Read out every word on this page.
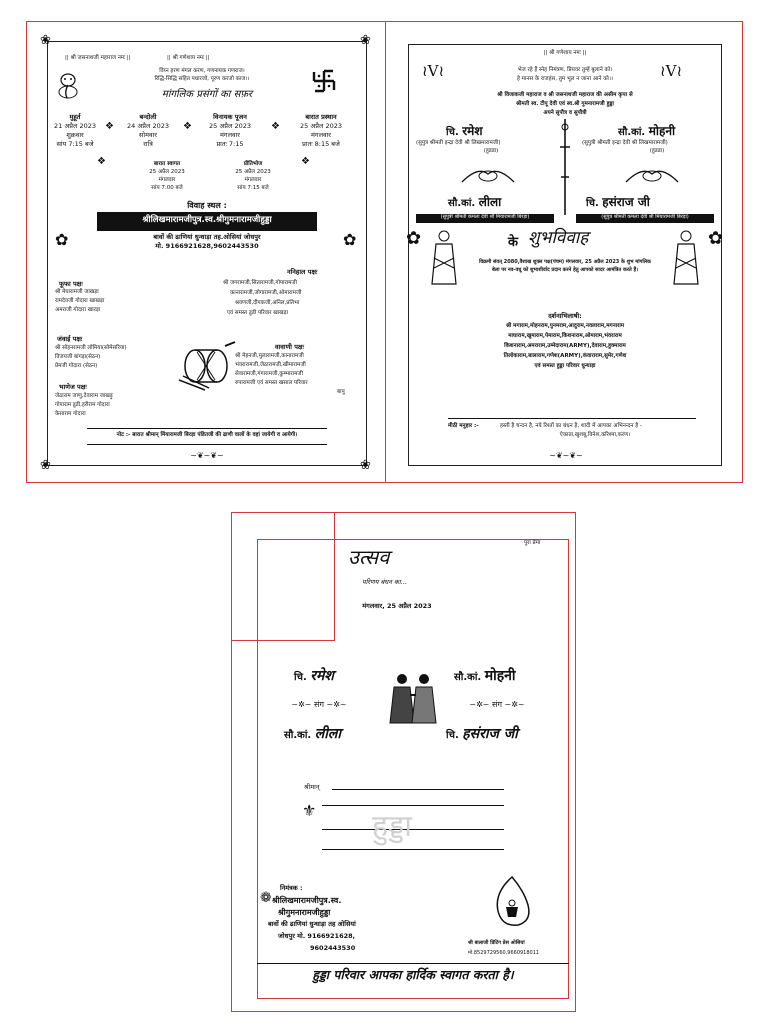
❀	❀
❀	❀
|| श्री जसनाथजी महाराज नमः ||	|| श्री गणेशाय नमः ||
विघ्न हरण मंगल करण, गणनायक गणराज।
रिद्धि-सिद्धि सहित पधारजो, पूरण करजो काज।।
मांगलिक प्रसंगों का सफ़र
मुहूर्त
21 अप्रैल 2023
शुक्रवार
सांय 7:15 बजे
बन्दोली
24 अप्रैल 2023
सोमवार
रात्रि
विनायक पूजन
25 अप्रैल 2023
मंगलवार
प्रातः 7:15
बारात प्रस्थान
25 अप्रैल 2023
मंगलवार
प्रातः 8:15 बजे
❖	❖	❖
❖	❖
बारात स्वागत
25 अप्रैल 2023
मंगलवार
सांय 7:00 बजे
प्रीतिभोज
25 अप्रैल 2023
मंगलवार
सांय 7:15 बजे
विवाह स्थल :
श्रीलिखमारामजीपुत्र.स्व.श्रीगुमनारामजीहुड्डा
बावों की ढाणियां धुन्धाड़ा तह.ओसियां जोधपुर
मो. 9166921628,9602443530
✿	✿
ननिहाल पक्षः
श्री जगरामजी,सितारामजी,गोपारामजी
कानारामजी,जोगारामजी,ओमारामजी
श्रवणजी,दीपकजी,अनिल,प्रतिभा
एवं समस्त डूडी परिवार खाखड़ा
फूफा पक्षः
श्री मेघारामजी जाखड़ा
रामदेवजी गोदारा खाखड़ा
अमराजी गोदारा खारड़ा
जंवाई पक्षः
श्री सोहनरामजी लोमिया(सोमेसरिया)
विजयजी बांगड़ा(सेठन)
प्रेमजी गोदारा (सेठन)
वावाणी पक्षः
श्री मेहनजी,मुलारामजी,कानारामजी
भंवरारामजी,जेठारामजी,खीमारामजी
सेवारामजी,गंगारामजी,कुम्भारामजी
रुपारामजी एवं समस्त खसाल परिवार
बापु
भाणेज पक्षः
जेठाराम जाणु,देवाराम जाखड़ु
गोपाराम डूडी,हरीराम गोदारा
केसाराम गोदारा
नोट :- बारात श्रीमान् मिंयारामजी बिरड़ा पंडितजी की ढाणी वालों के वहां जायेगी व आयेगी।
~❦~❦~
|| श्री गणेशाय नमः ||
≀V≀	≀V≀
भेज रहे हैं स्नेह निमंत्रण, प्रियवर तुम्हें बुलाने को।
हे मानस के राजहंस, तुम भूल न जाना आने को।।
श्री विजाकजी महाराज व श्री जसनाथजी महाराज की असीम कृपा से
श्रीमती स्व. टीपू देवी एवं स्व.श्री गुमनारामजी हुड्डा
अपने सुपौत्र व सुपौत्री
चि. रमेश
(सुपुत्र श्रीमती इन्द्रा देवी श्री लिखमारामजी)
(हुडडा)
सौ.कां. मोहनी
(सुपुत्री श्रीमती इन्द्रा देवी श्री लिखमारामजी)
(हुडडा)
सौ.कां. लीला	चि. हसंराज जी
(सुपुत्री श्रीमती कमला देवी श्री मियारामजी बिरड़ा)	(सुपुत्र श्रीमती कमला देवी श्री मियारामजी बिरड़ा)
✿	✿
के शुभविवाह
विक्रमी संवत् 2080,वैशाख शुक्ल पक्ष(पंचम) मंगलवार, 25 अप्रैल 2023 के शुभ मांगलिक
बेला पर नव-वधू को शुभाशीर्वाद प्रदान करने हेतु आपको सादर आमंत्रित करते हैं।
दर्शनाभिलाषी:
श्री मगाराम,मोहनराम,पुनमराम,आदुराम,नवलाराम,मगनाराम
माघाराम,खुमाराम,पेमाराम,किशनाराम,ओमाराम,भंवराराम
किशनाराम,अमराराम,उम्मेदाराम(ARMY),देवाराम,हुक्माराम
तिलोकाराम,बालाराम,गणेश(ARMY),कंवाराराम,सुमेर,गणेश
एवं समस्त हुड्डा परिवार धुन्धाड़ा
मीठी मनुहार :-	हस्ती है चन्दन है, नये रिश्तों का बंधन है, शादी में आपका अभिनन्दन है -
ऐकाता,खुशबू,विनेश,करिश्मा,करण।
~❦~❦~
पुरा प्रेमा
उत्सव
परिणय बंधन का...
मंगलवार, 25 अप्रैल 2023
चि. रमेश	सौ.कां. मोहनी
~✲~ संग ~✲~	~✲~ संग ~✲~
सौ.कां. लीला	चि. हसंराज जी
श्रीमान्
⚜ हुड्डा
निमंत्रक :
❁ श्रीलिखमारामजीपुत्र.स्व.
श्रीगुमनारामजीहुड्डा
बावों की ढाणियां धुन्धाड़ा तह ओसियां
जोधपुर मो. 9166921628,
9602443530
श्री बालाजी प्रिंटिंग प्रेस ओसियां
मो.8529729560,9660918011
हुड्डा परिवार आपका हार्दिक स्वागत करता है।
